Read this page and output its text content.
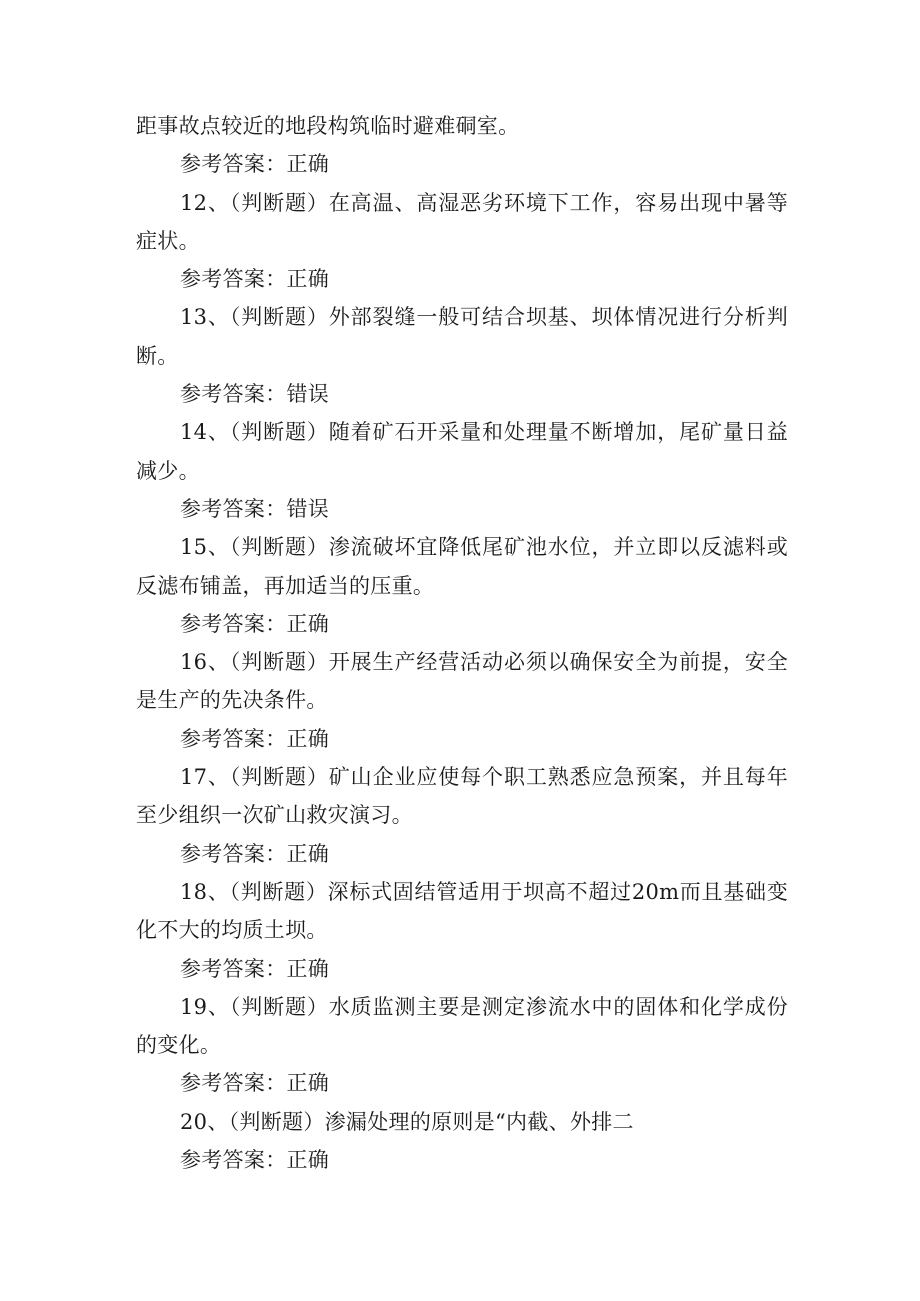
距事故点较近的地段构筑临时避难硐室。
参考答案：正确

12、（判断题）在高温、高湿恶劣环境下工作，容易出现中暑等症状。

参考答案：正确

13、（判断题）外部裂缝一般可结合坝基、坝体情况进行分析判断。

参考答案：错误

14、（判断题）随着矿石开采量和处理量不断增加，尾矿量日益减少。

参考答案：错误

15、（判断题）渗流破坏宜降低尾矿池水位，并立即以反滤料或反滤布铺盖，再加适当的压重。

参考答案：正确

16、（判断题）开展生产经营活动必须以确保安全为前提，安全是生产的先决条件。

参考答案：正确

17、（判断题）矿山企业应使每个职工熟悉应急预案，并且每年至少组织一次矿山救灾演习。

参考答案：正确

18、（判断题）深标式固结管适用于坝高不超过20m而且基础变化不大的均质土坝。

参考答案：正确

19、（判断题）水质监测主要是测定渗流水中的固体和化学成份的变化。

参考答案：正确

20、（判断题）渗漏处理的原则是“内截、外排二

参考答案：正确
